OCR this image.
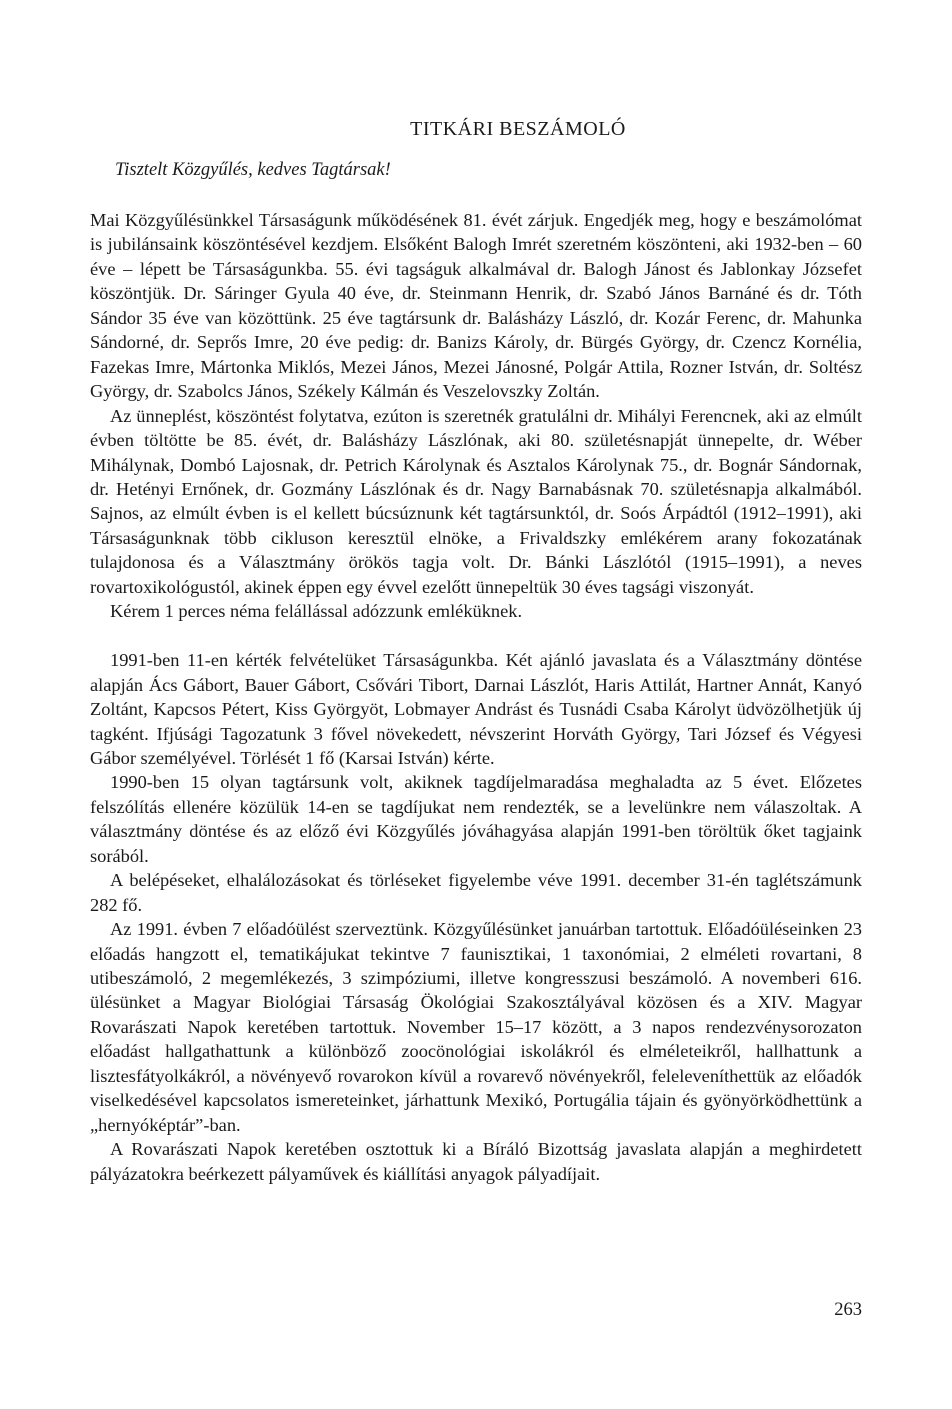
TITKÁRI BESZÁMOLÓ
Tisztelt Közgyűlés, kedves Tagtársak!

Mai Közgyűlésünkkel Társaságunk működésének 81. évét zárjuk. Engedjék meg, hogy e beszámolómat is jubilánsaink köszöntésével kezdjem. Elsőként Balogh Imrét szeretném köszönteni, aki 1932-ben – 60 éve – lépett be Társaságunkba. 55. évi tagságuk alkalmával dr. Balogh Jánost és Jablonkay Józsefet köszöntjük. Dr. Sáringer Gyula 40 éve, dr. Steinmann Henrik, dr. Szabó János Barnáné és dr. Tóth Sándor 35 éve van közöttünk. 25 éve tagtársunk dr. Balásházy László, dr. Kozár Ferenc, dr. Mahunka Sándorné, dr. Seprős Imre, 20 éve pedig: dr. Banizs Károly, dr. Bürgés György, dr. Czencz Kornélia, Fazekas Imre, Mártonka Miklós, Mezei János, Mezei Jánosné, Polgár Attila, Rozner István, dr. Soltész György, dr. Szabolcs János, Székely Kálmán és Veszelovszky Zoltán.

Az ünneplést, köszöntést folytatva, ezúton is szeretnék gratulálni dr. Mihályi Ferencnek, aki az elmúlt évben töltötte be 85. évét, dr. Balásházy Lászlónak, aki 80. születésnapját ünnepelte, dr. Wéber Mihálynak, Dombó Lajosnak, dr. Petrich Károlynak és Asztalos Károlynak 75., dr. Bognár Sándornak, dr. Hetényi Ernőnek, dr. Gozmány Lászlónak és dr. Nagy Barnabásnak 70. születésnapja alkalmából. Sajnos, az elmúlt évben is el kellett búcsúznunk két tagtársunktól, dr. Soós Árpádtól (1912–1991), aki Társaságunknak több cikluson keresztül elnöke, a Frivaldszky emlékérem arany fokozatának tulajdonosa és a Választmány örökös tagja volt. Dr. Bánki Lászlótól (1915–1991), a neves rovartoxikológustól, akinek éppen egy évvel ezelőtt ünnepeltük 30 éves tagsági viszonyát.

Kérem 1 perces néma felállással adózzunk emléküknek.

1991-ben 11-en kérték felvételüket Társaságunkba. Két ajánló javaslata és a Választmány döntése alapján Ács Gábort, Bauer Gábort, Csővári Tibort, Darnai Lászlót, Haris Attilát, Hartner Annát, Kanyó Zoltánt, Kapcsos Pétert, Kiss Györgyöt, Lobmayer Andrást és Tusnádi Csaba Károlyt üdvözölhetjük új tagként. Ifjúsági Tagozatunk 3 fővel növekedett, névszerint Horváth György, Tari József és Végyesi Gábor személyével. Törlését 1 fő (Karsai István) kérte.

1990-ben 15 olyan tagtársunk volt, akiknek tagdíjelmaradása meghaladta az 5 évet. Előzetes felszólítás ellenére közülük 14-en se tagdíjukat nem rendezték, se a levelünkre nem válaszoltak. A választmány döntése és az előző évi Közgyűlés jóváhagyása alapján 1991-ben töröltük őket tagjaink sorából.

A belépéseket, elhalálozásokat és törléseket figyelembe véve 1991. december 31-én taglétszámunk 282 fő.

Az 1991. évben 7 előadóülést szerveztünk. Közgyűlésünket januárban tartottuk. Előadóüléseinken 23 előadás hangzott el, tematikájukat tekintve 7 faunisztikai, 1 taxonómiai, 2 elméleti rovartani, 8 utibeszámoló, 2 megemlékezés, 3 szimpóziumi, illetve kongresszusi beszámoló. A novemberi 616. ülésünket a Magyar Biológiai Társaság Ökológiai Szakosztályával közösen és a XIV. Magyar Rovarászati Napok keretében tartottuk. November 15–17 között, a 3 napos rendezvénysorozaton előadást hallgathattunk a különböző zoocönológiai iskolákról és elméleteikről, hallhattunk a lisztesfátyolkákról, a növényevő rovarokon kívül a rovarevő növényekről, feleleveníthettük az előadók viselkedésével kapcsolatos ismereteinket, járhattunk Mexikó, Portugália tájain és gyönyörködhettünk a „hernyóképtár”-ban.

A Rovarászati Napok keretében osztottuk ki a Bíráló Bizottság javaslata alapján a meghirdetett pályázatokra beérkezett pályaművek és kiállítási anyagok pályadíjait.

263
